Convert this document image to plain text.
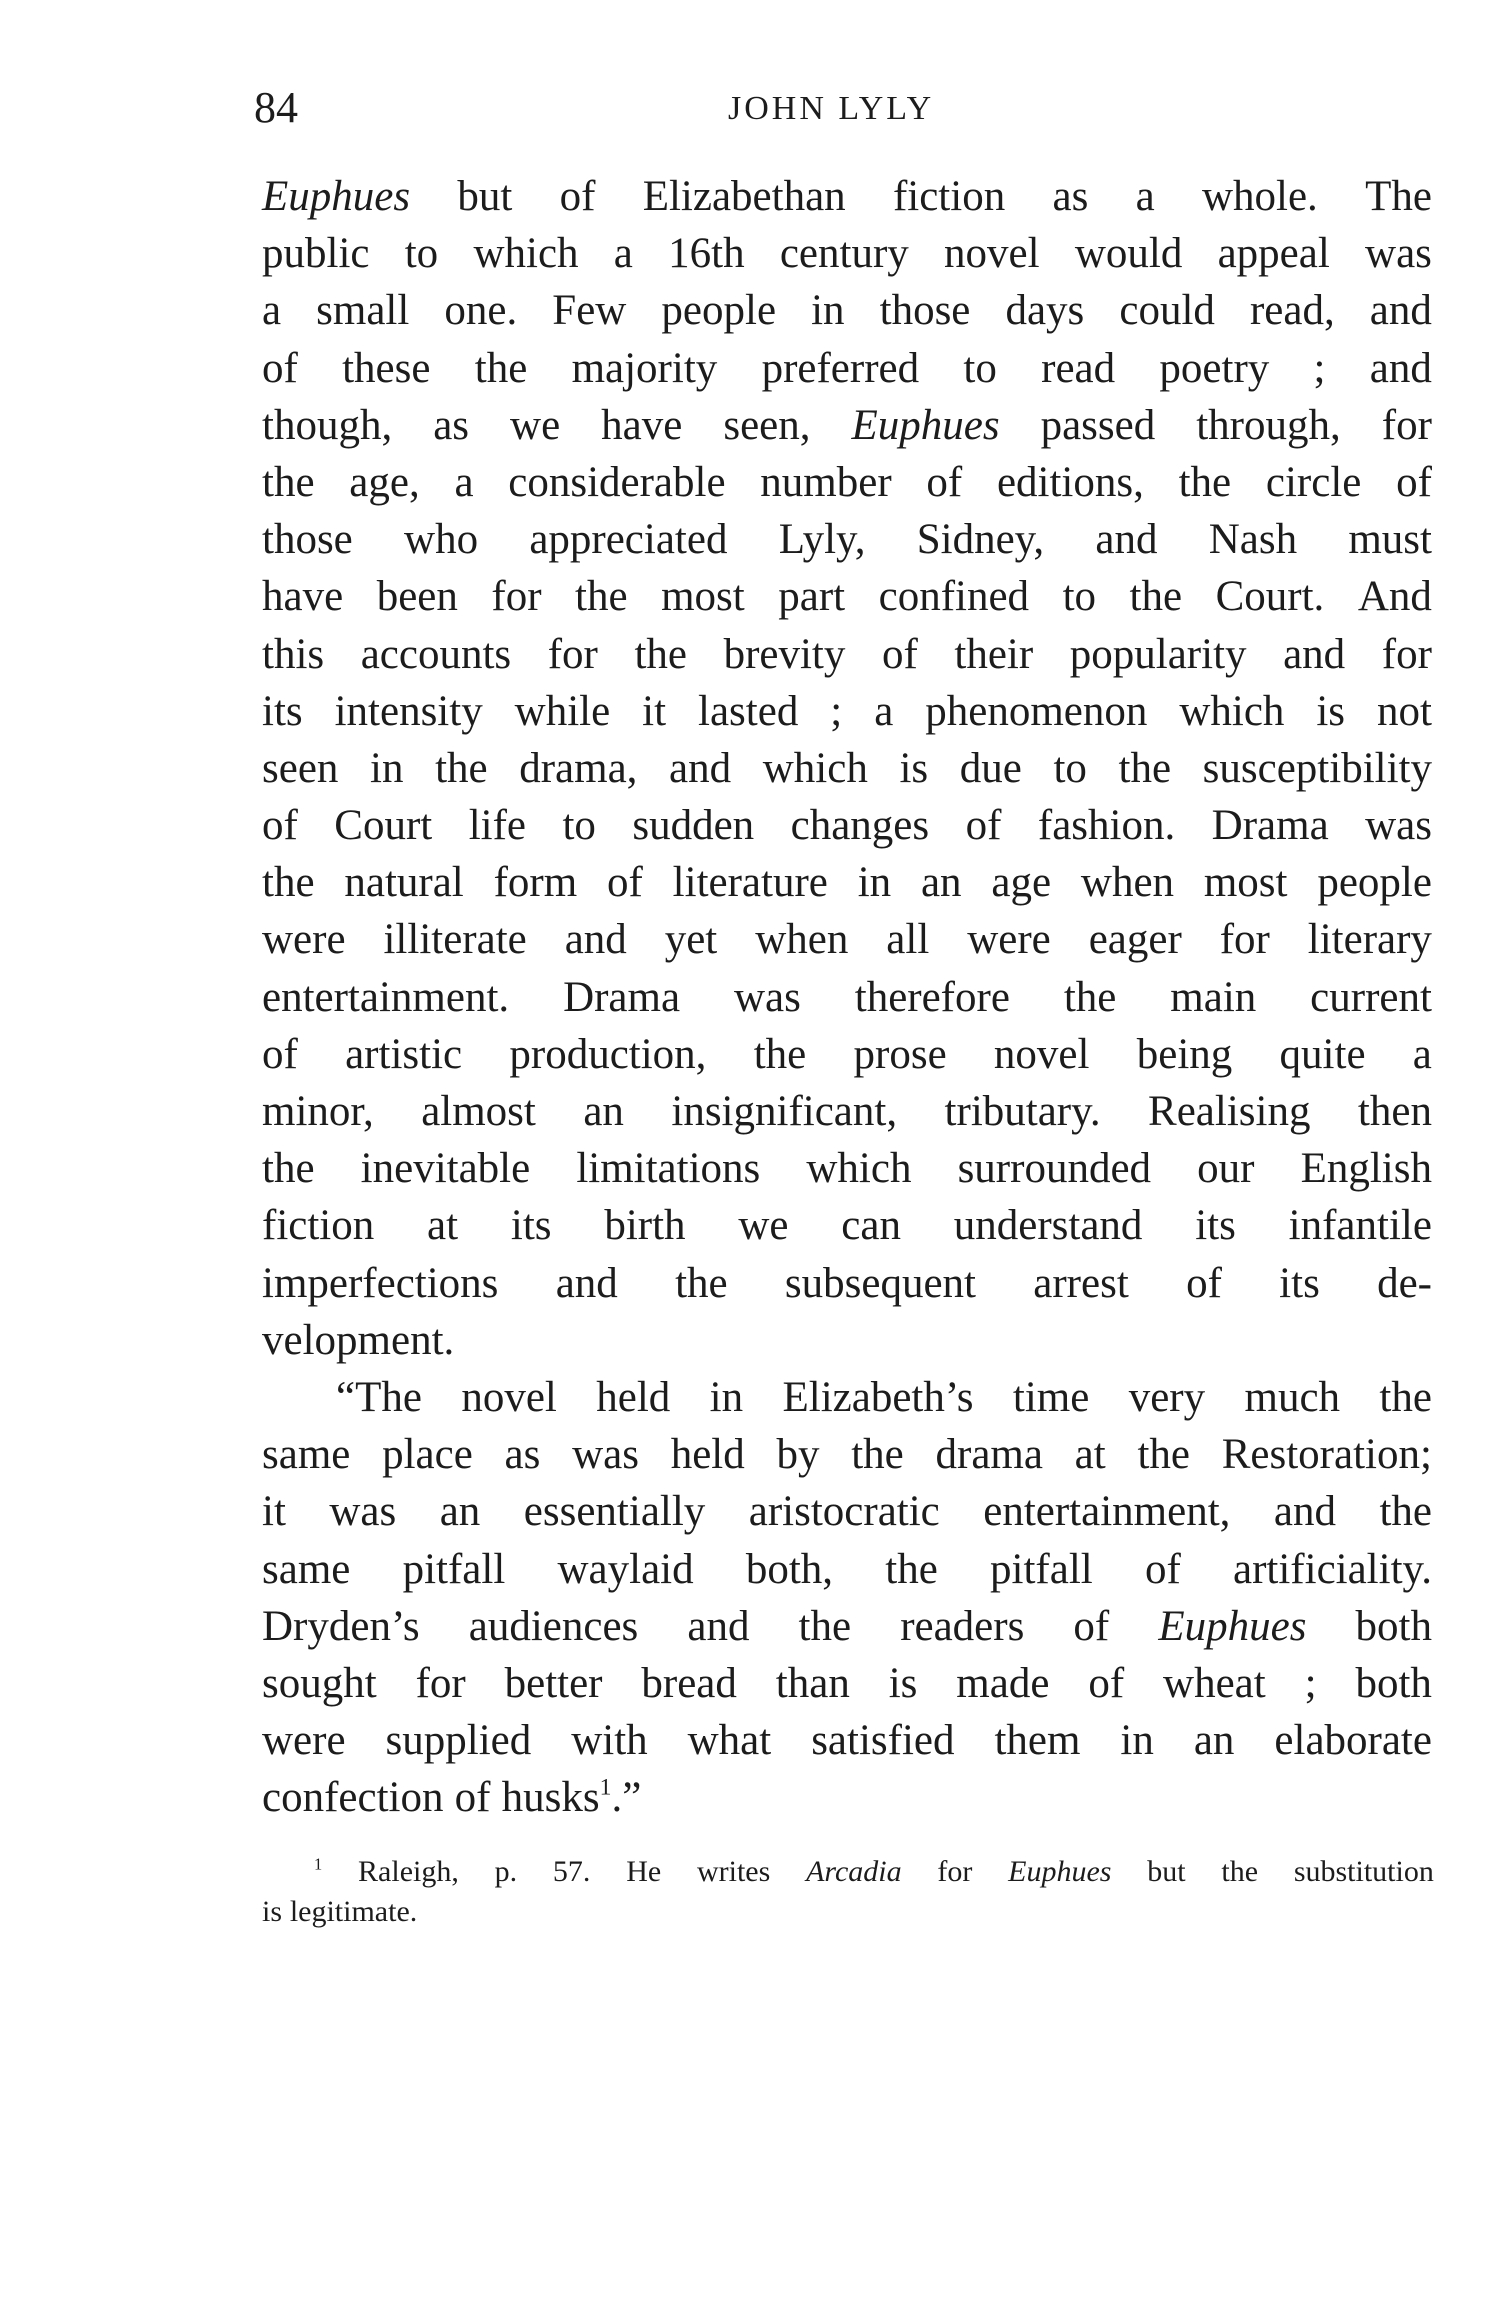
84	JOHN LYLY
Euphues but of Elizabethan fiction as a whole. The
public to which a 16th century novel would appeal was
a small one. Few people in those days could read, and
of these the majority preferred to read poetry ; and
though, as we have seen, Euphues passed through, for
the age, a considerable number of editions, the circle of
those who appreciated Lyly, Sidney, and Nash must
have been for the most part confined to the Court. And
this accounts for the brevity of their popularity and for
its intensity while it lasted ; a phenomenon which is not
seen in the drama, and which is due to the susceptibility
of Court life to sudden changes of fashion. Drama was
the natural form of literature in an age when most people
were illiterate and yet when all were eager for literary
entertainment. Drama was therefore the main current
of artistic production, the prose novel being quite a
minor, almost an insignificant, tributary. Realising then
the inevitable limitations which surrounded our English
fiction at its birth we can understand its infantile
imperfections and the subsequent arrest of its de-
velopment.
“The novel held in Elizabeth’s time very much the
same place as was held by the drama at the Restoration;
it was an essentially aristocratic entertainment, and the
same pitfall waylaid both, the pitfall of artificiality.
Dryden’s audiences and the readers of Euphues both
sought for better bread than is made of wheat ; both
were supplied with what satisfied them in an elaborate
confection of husks$^1$.”
$^1$ Raleigh, p. 57. He writes Arcadia for Euphues but the substitution
is legitimate.
